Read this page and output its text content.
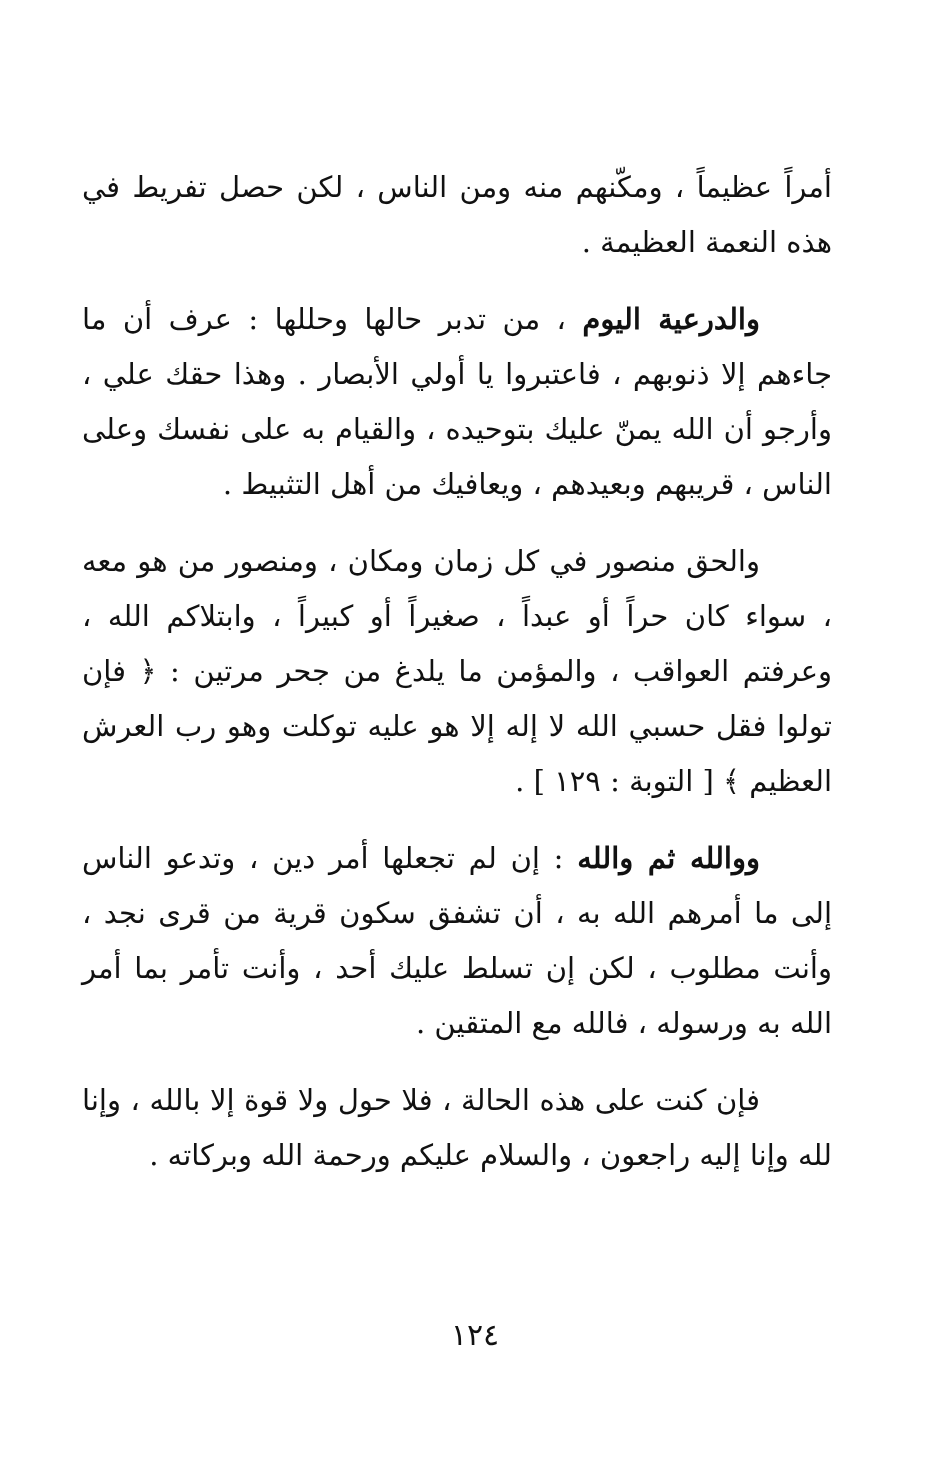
أمراً عظيماً ، ومكّنهم منه ومن الناس ، لكن حصل تفريط في هذه النعمة العظيمة .

والدرعية اليوم ، من تدبر حالها وحللها : عرف أن ما جاءهم إلا ذنوبهم ، فاعتبروا يا أولي الأبصار . وهذا حقك علي ، وأرجو أن الله يمنّ عليك بتوحيده ، والقيام به على نفسك وعلى الناس ، قريبهم وبعيدهم ، ويعافيك من أهل التثبيط .

والحق منصور في كل زمان ومكان ، ومنصور من هو معه ، سواء كان حراً أو عبداً ، صغيراً أو كبيراً ، وابتلاكم الله ، وعرفتم العواقب ، والمؤمن ما يلدغ من جحر مرتين : ﴿ فإن تولوا فقل حسبي الله لا إله إلا هو عليه توكلت وهو رب العرش العظيم ﴾ [ التوبة : ١٢٩ ] .

ووالله ثم والله : إن لم تجعلها أمر دين ، وتدعو الناس إلى ما أمرهم الله به ، أن تشفق سكون قرية من قرى نجد ، وأنت مطلوب ، لكن إن تسلط عليك أحد ، وأنت تأمر بما أمر الله به ورسوله ، فالله مع المتقين .

فإن كنت على هذه الحالة ، فلا حول ولا قوة إلا بالله ، وإنا لله وإنا إليه راجعون ، والسلام عليكم ورحمة الله وبركاته .

١٢٤
